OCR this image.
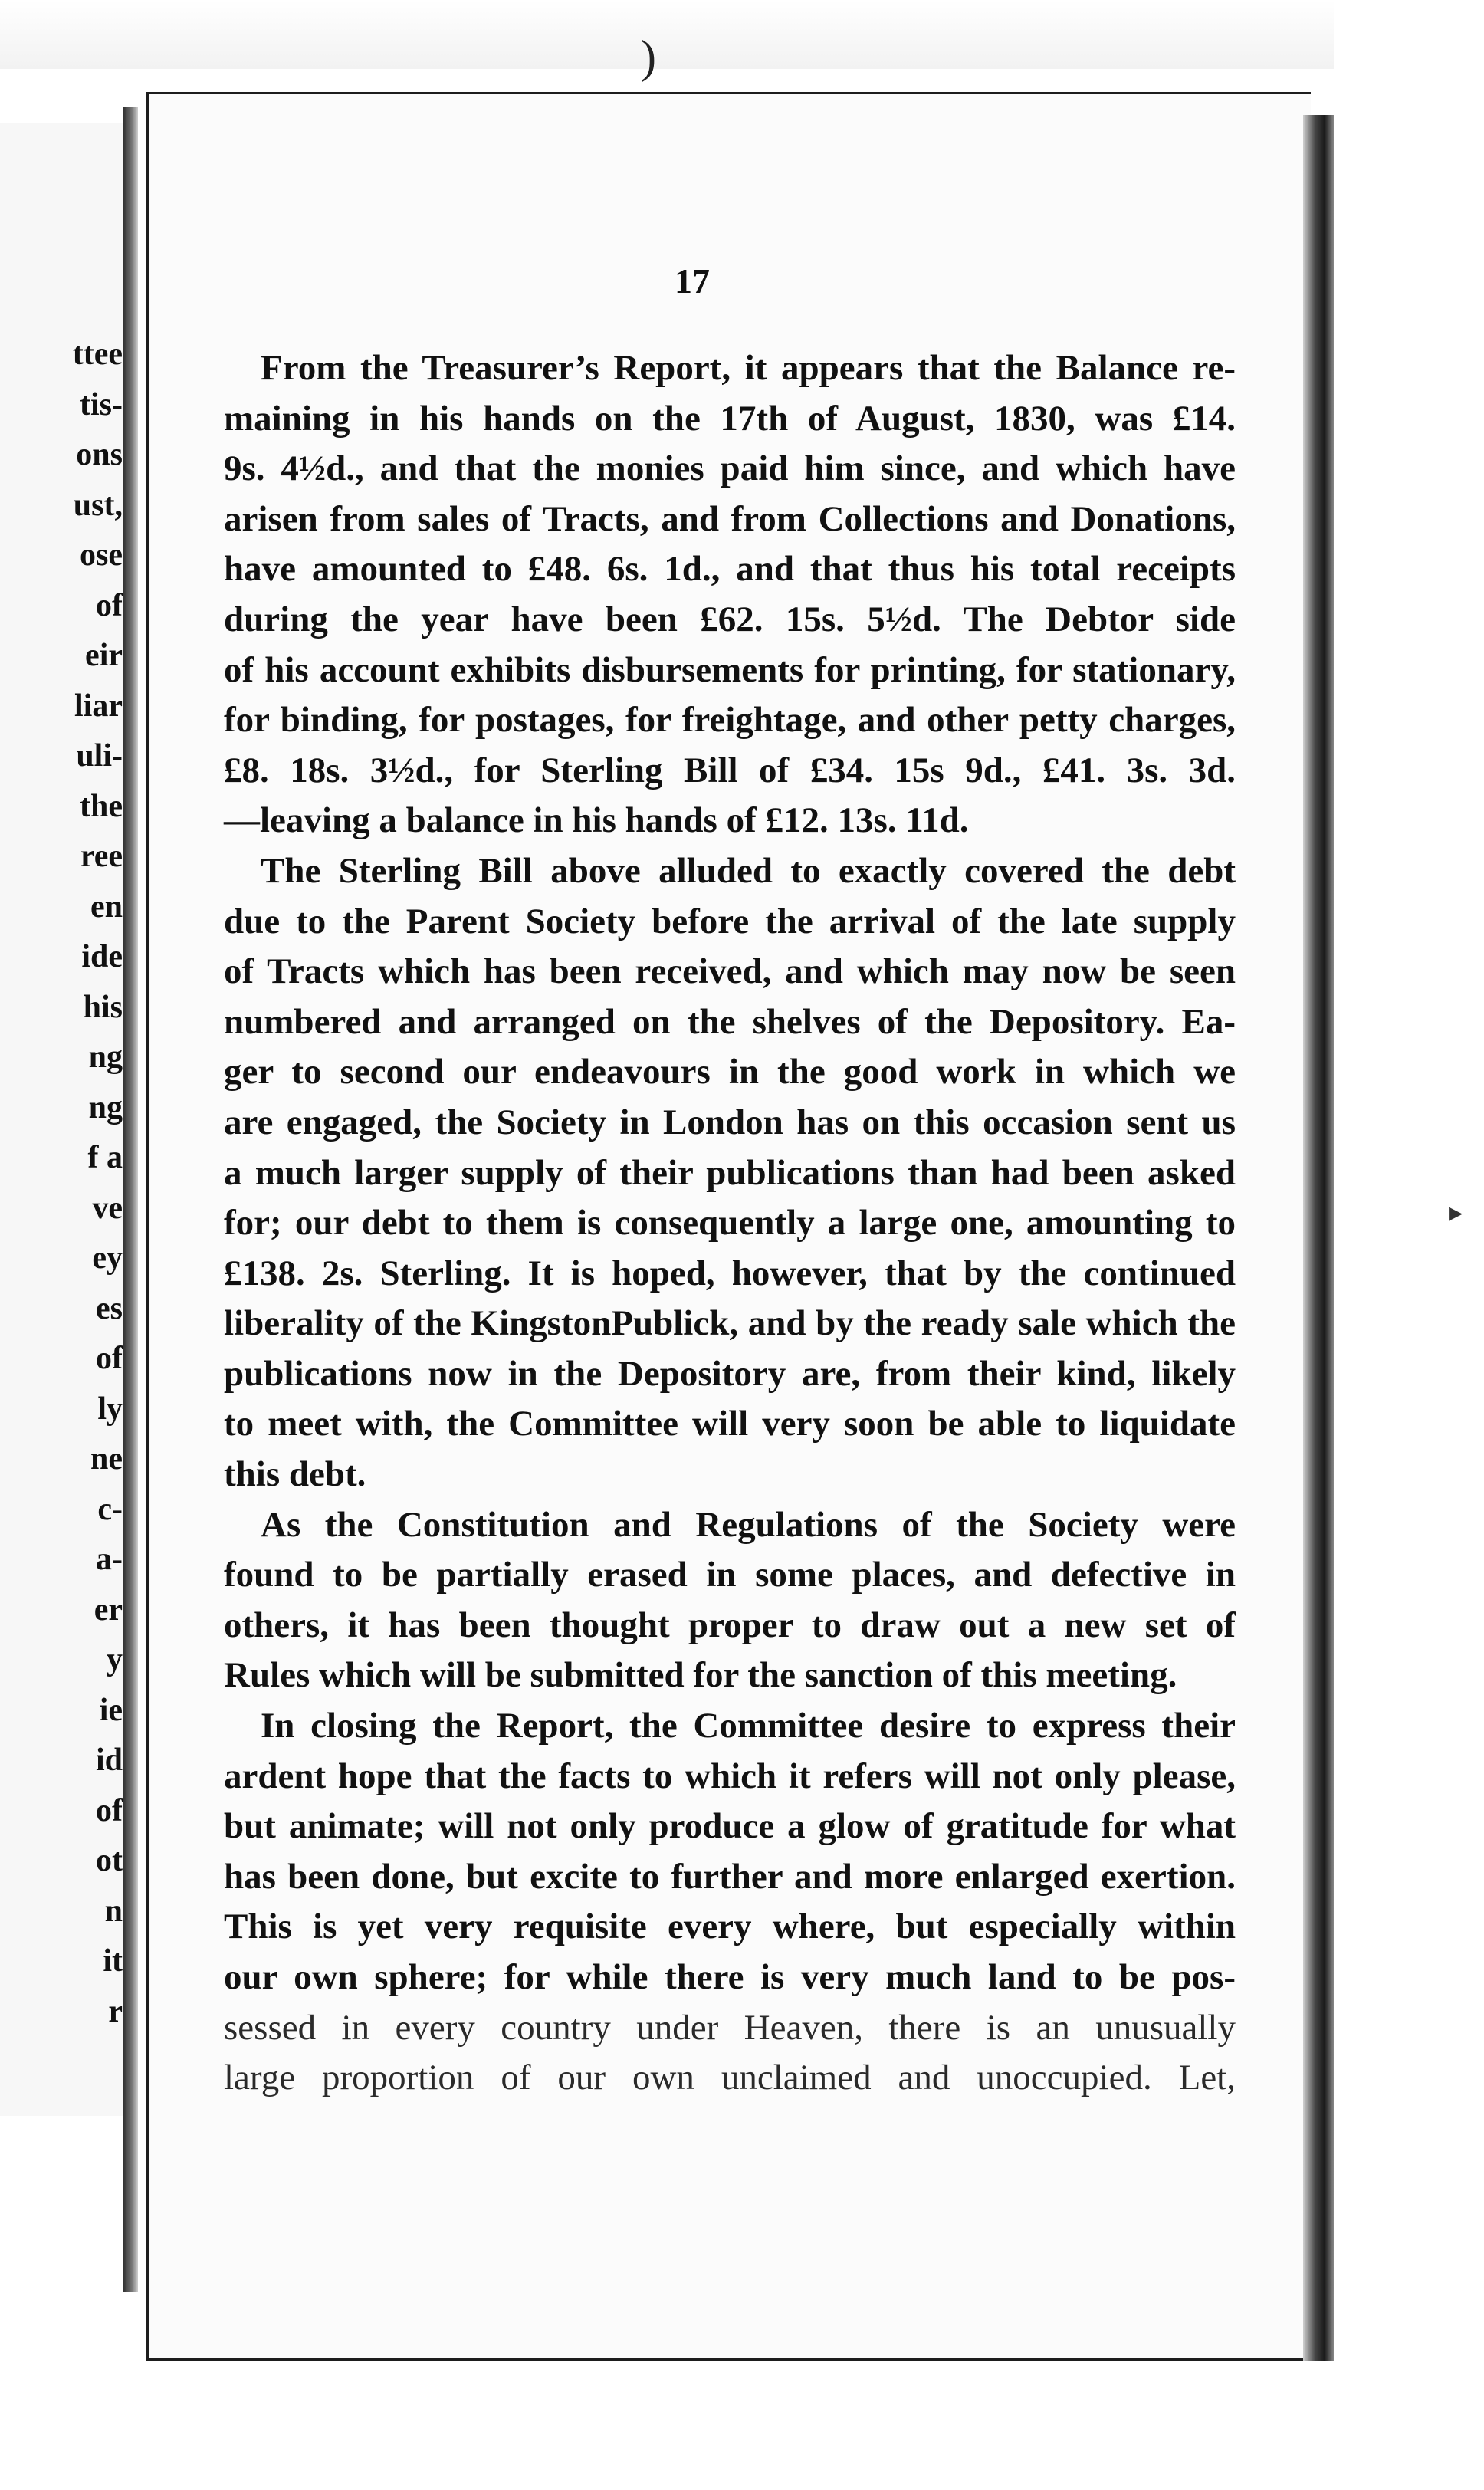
)
ttee
tis-
ons
ust,
ose
of
eir
liar
uli-
the
ree
en
ide
his
ng
ng
f a
ve
ey
es
of
ly
ne
c-
a-
er
y
ie
id
of
ot
n
it
r
▸
17
From the Treasurer’s Report, it appears that the Balance re-
maining in his hands on the 17th of August, 1830, was £14.
9s. 4½d., and that the monies paid him since, and which have
arisen from sales of Tracts, and from Collections and Donations,
have amounted to £48. 6s. 1d., and that thus his total receipts
during the year have been £62. 15s. 5½d. The Debtor side
of his account exhibits disbursements for printing, for stationary,
for binding, for postages, for freightage, and other petty charges,
£8. 18s. 3½d., for Sterling Bill of £34. 15s 9d., £41. 3s. 3d.
—leaving a balance in his hands of £12. 13s. 11d.
The Sterling Bill above alluded to exactly covered the debt
due to the Parent Society before the arrival of the late supply
of Tracts which has been received, and which may now be seen
numbered and arranged on the shelves of the Depository. Ea-
ger to second our endeavours in the good work in which we
are engaged, the Society in London has on this occasion sent us
a much larger supply of their publications than had been asked
for; our debt to them is consequently a large one, amounting to
£138. 2s. Sterling. It is hoped, however, that by the continued
liberality of the KingstonPublick, and by the ready sale which the
publications now in the Depository are, from their kind, likely
to meet with, the Committee will very soon be able to liquidate
this debt.
As the Constitution and Regulations of the Society were
found to be partially erased in some places, and defective in
others, it has been thought proper to draw out a new set of
Rules which will be submitted for the sanction of this meeting.
In closing the Report, the Committee desire to express their
ardent hope that the facts to which it refers will not only please,
but animate; will not only produce a glow of gratitude for what
has been done, but excite to further and more enlarged exertion.
This is yet very requisite every where, but especially within
our own sphere; for while there is very much land to be pos-
sessed in every country under Heaven, there is an unusually
large proportion of our own unclaimed and unoccupied. Let,
